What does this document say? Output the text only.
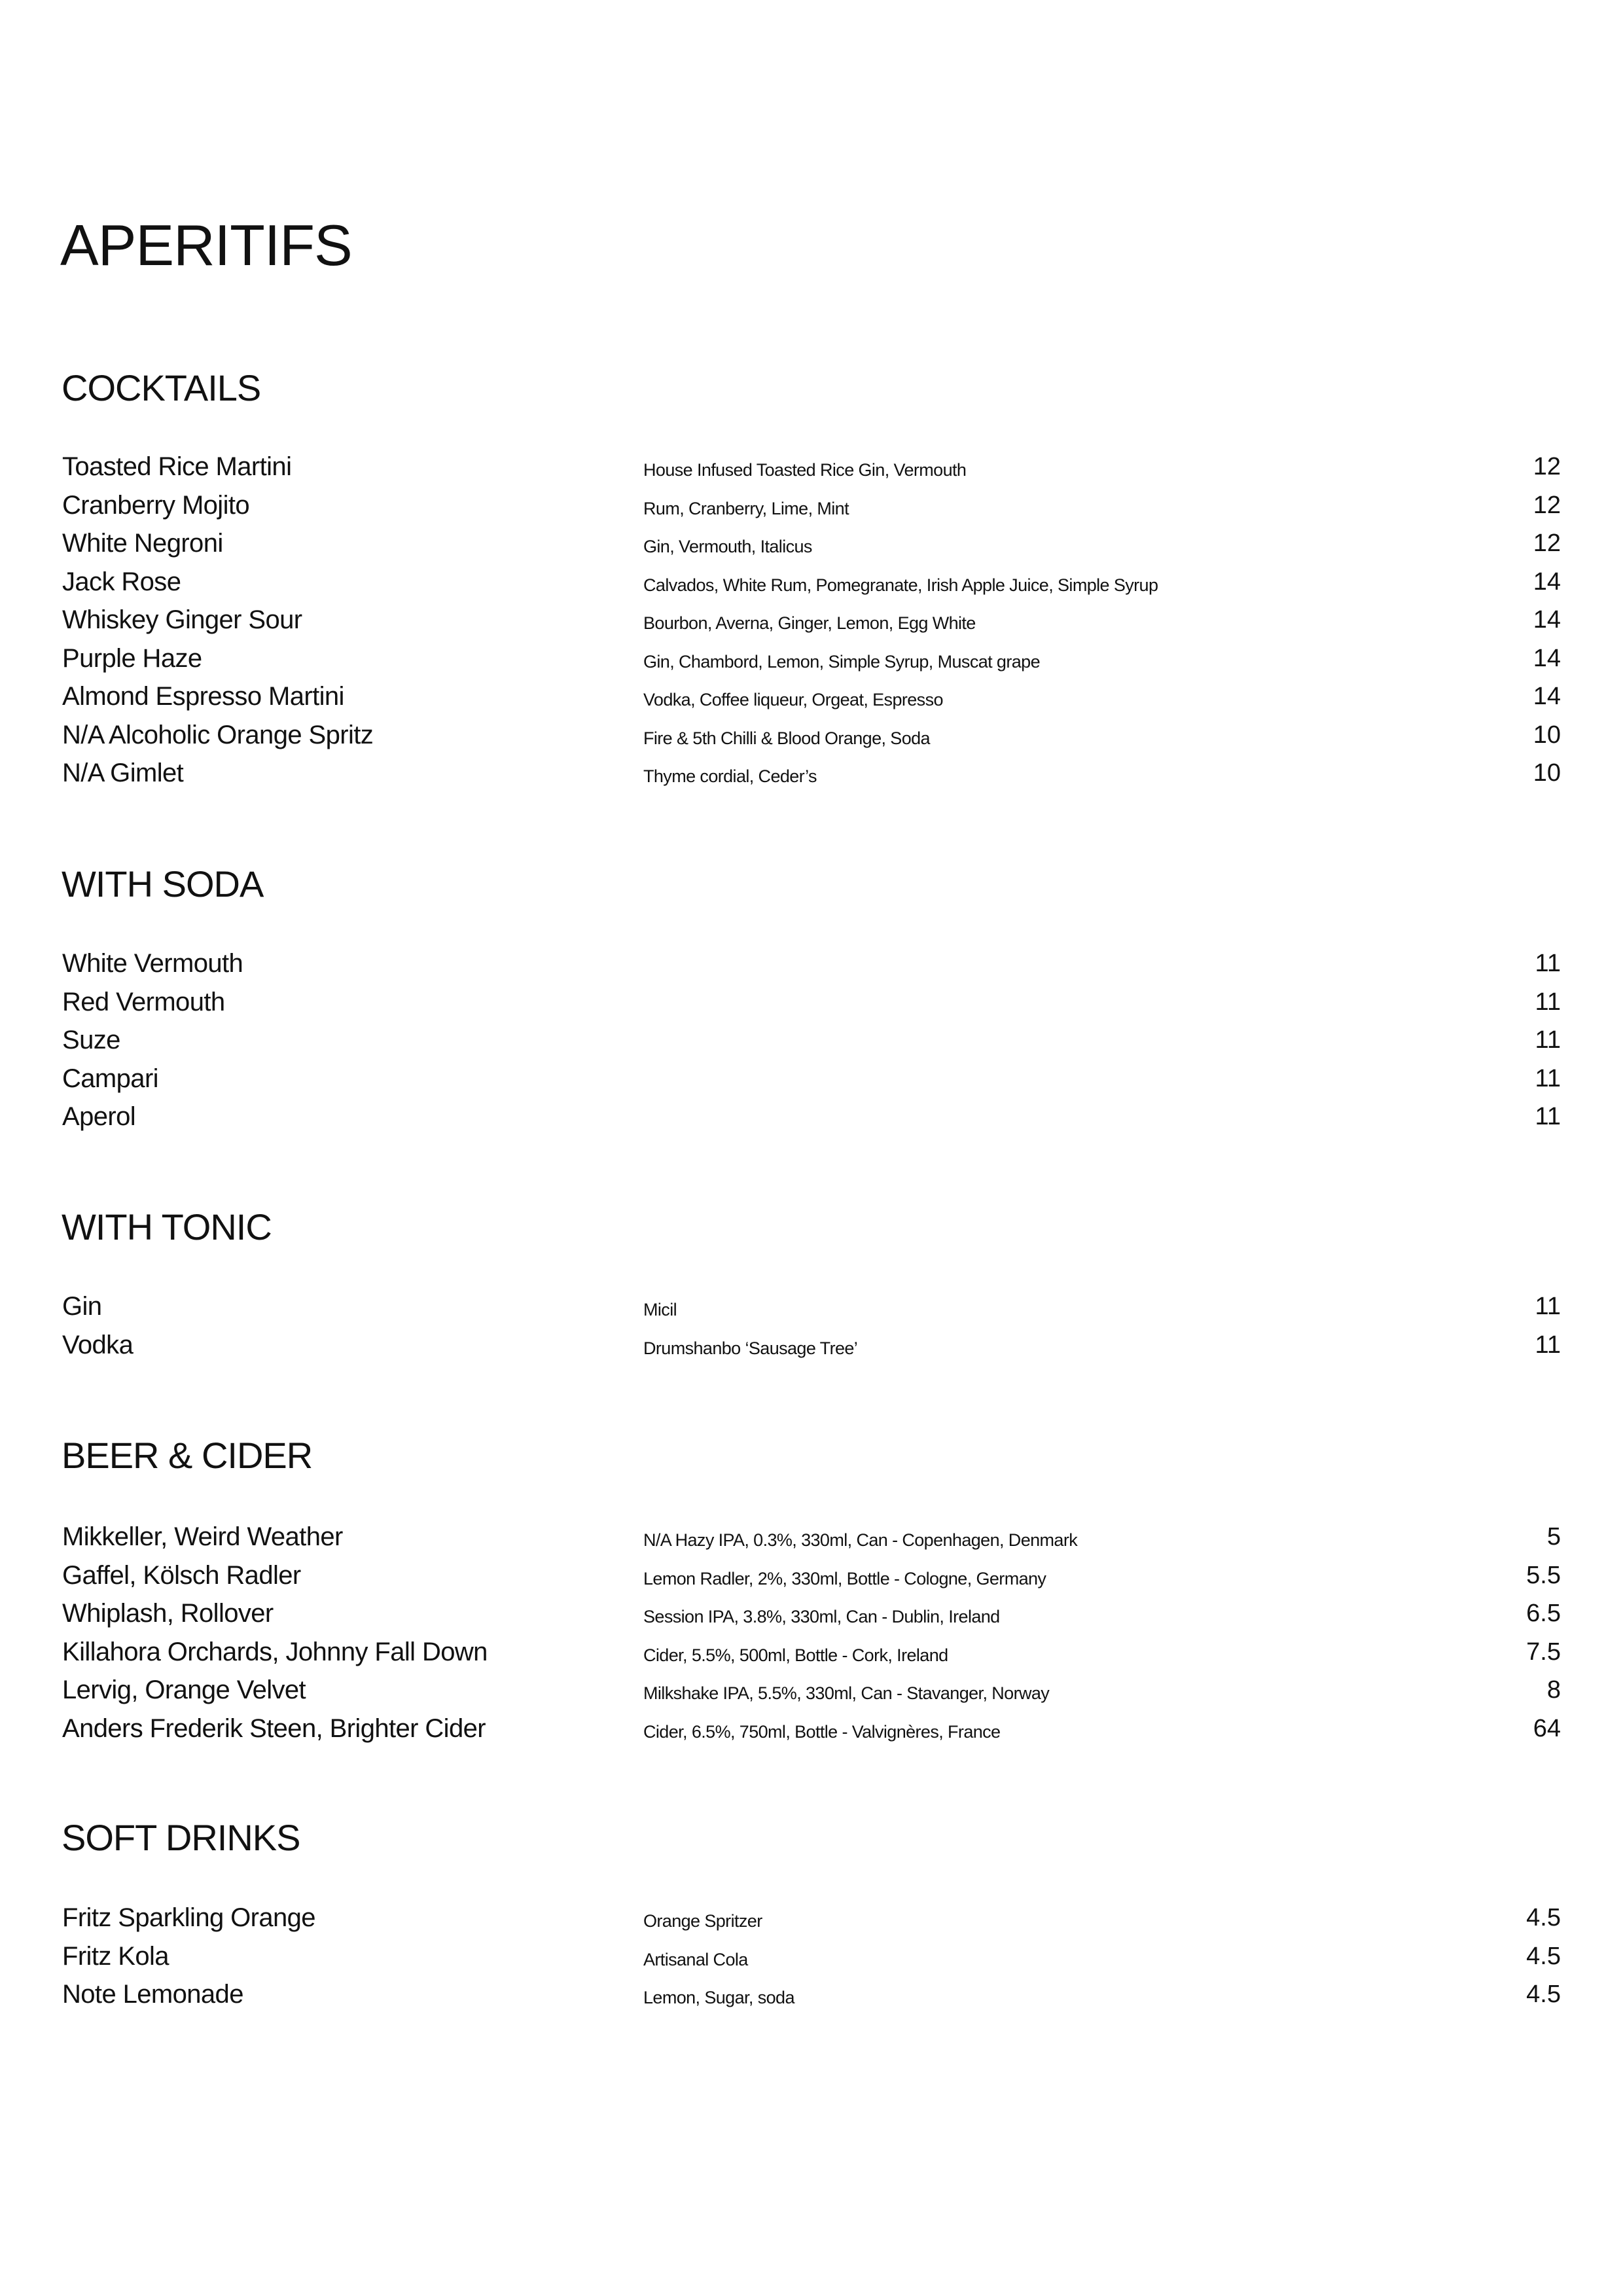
APERITIFS
COCKTAILS
Toasted Rice Martini	House Infused Toasted Rice Gin, Vermouth	12
Cranberry Mojito	Rum, Cranberry, Lime, Mint	12
White Negroni	Gin, Vermouth, Italicus	12
Jack Rose	Calvados, White Rum, Pomegranate, Irish Apple Juice, Simple Syrup	14
Whiskey Ginger Sour	Bourbon, Averna, Ginger, Lemon, Egg White	14
Purple Haze	Gin, Chambord, Lemon, Simple Syrup, Muscat grape	14
Almond Espresso Martini	Vodka, Coffee liqueur, Orgeat, Espresso	14
N/A Alcoholic Orange Spritz	Fire & 5th Chilli & Blood Orange, Soda	10
N/A Gimlet	Thyme cordial, Ceder’s	10
WITH SODA
White Vermouth	11
Red Vermouth	11
Suze	11
Campari	11
Aperol	11
WITH TONIC
Gin	Micil	11
Vodka	Drumshanbo ‘Sausage Tree’	11
BEER & CIDER
Mikkeller, Weird Weather	N/A Hazy IPA, 0.3%, 330ml, Can - Copenhagen, Denmark	5
Gaffel, Kölsch Radler	Lemon Radler, 2%, 330ml, Bottle - Cologne, Germany	5.5
Whiplash, Rollover	Session IPA, 3.8%, 330ml, Can - Dublin, Ireland	6.5
Killahora Orchards, Johnny Fall Down	Cider, 5.5%, 500ml, Bottle - Cork, Ireland	7.5
Lervig, Orange Velvet	Milkshake IPA, 5.5%, 330ml, Can - Stavanger, Norway	8
Anders Frederik Steen, Brighter Cider	Cider, 6.5%, 750ml, Bottle - Valvignères, France	64
SOFT DRINKS
Fritz Sparkling Orange	Orange Spritzer	4.5
Fritz Kola	Artisanal Cola	4.5
Note Lemonade	Lemon, Sugar, soda	4.5
